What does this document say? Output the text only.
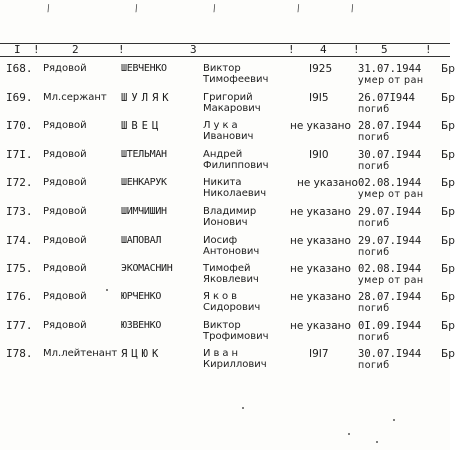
/	/	/	/	/
I !	2	!	3	! 4 ! 5	!
I68. Рядовой	ШЕВЧЕНКО	Виктор
Тимофеевич
I925 31.07.1944
умер от ран
Бр
I69. Мл.сержант ШУЛЯК	Григорий
Макарович
I9I5	26.07I944
погиб
Бр
I70. Рядовой	ШВЕЦ	Лука
Иванович
не указано 28.07.I944
погиб
Бр
I7I. Рядовой	ШТЕЛЬМАН	Андрей
Филиппович
I9I0	30.07.I944
погиб
Бр
I72. Рядовой	ШЕНКАРУК	Никита
Николаевич
не указано 02.08.1944
умер от ран
Бр
I73. Рядовой	ШИМЧИШИН	Владимир
Ионович
не указано 29.07.I944
погиб
Бр
I74. Рядовой	ШАПОВАЛ	Иосиф
Антонович
не указано 29.07.I944
погиб
Бр
I75. Рядовой	ЭКОМАСНИН	Тимофей
Яковлевич
не указано 02.08.I944
умер от ран
Бр
I76. Рядовой	ЮРЧЕНКО	Яков
Сидорович
не указано 28.07.I944
погиб
Бр
I77. Рядовой	ЮЗВЕНКО	Виктор
Трофимович
не указано 0I.09.I944
погиб
Бр
I78. Мл.лейтенант ЯЦЮК	Иван
Кириллович
I9I7	30.07.I944
погиб
Бр
